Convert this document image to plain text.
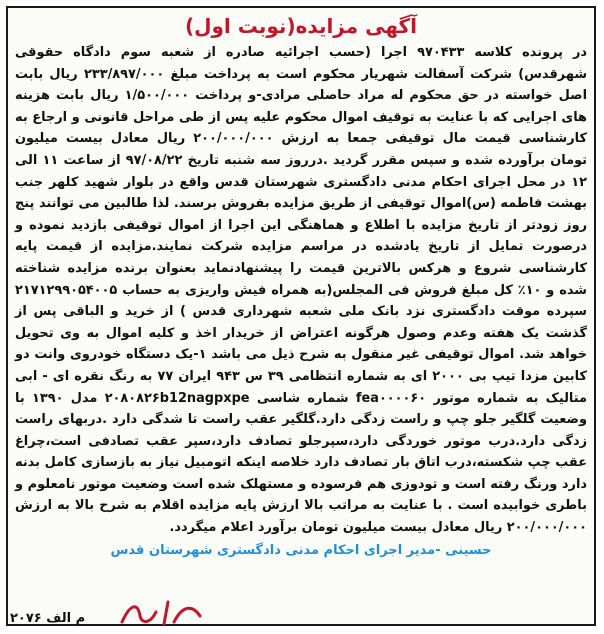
آگهی مزایده(نوبت اول)

در پرونده کلاسه ۹۷۰۴۳۳ اجرا (حسب اجرائیه صادره از شعبه سوم دادگاه حقوقی شهرقدس) شرکت آسفالت شهریار محکوم است به پرداخت مبلغ ۲۳۳/۸۹۷/۰۰۰ ریال بابت اصل خواسته در حق محکوم له مراد حاصلی مرادی-و پرداخت ۱/۵۰۰/۰۰۰ ریال بابت هزینه های اجرایی که با عنایت به توقیف اموال محکوم علیه پس از طی مراحل قانونی و ارجاع به کارشناسی قیمت مال توقیفی جمعا به ارزش ۲۰۰/۰۰۰/۰۰۰ ریال معادل بیست میلیون تومان برآورده شده و سپس مقرر گردید .درروز سه شنبه تاریخ ۹۷/۰۸/۲۲ از ساعت ۱۱ الی ۱۲ در محل اجرای احکام مدنی دادگستری شهرستان قدس واقع در بلوار شهید کلهر جنب بهشت فاطمه (س)اموال توقیفی از طریق مزایده بفروش برسند. لذا طالبین می توانند پنج روز زودتر از تاریخ مزایده با اطلاع و هماهنگی این اجرا از اموال توقیفی بازدید نموده و درصورت تمایل از تاریخ یادشده در مراسم مزایده شرکت نمایند.مزایده از قیمت پایه کارشناسی شروع و هرکس بالاترین قیمت را پیشنهادنماید بعنوان برنده مزایده شناخته شده و ۱۰٪ کل مبلغ فروش فی المجلس(به همراه فیش واریزی به حساب ۲۱۷۱۲۹۹۰۵۴۰۰۵ سپرده موقت دادگستری نزد بانک ملی شعبه شهرداری قدس ) از خرید و الباقی پس از گذشت یک هفته وعدم وصول هرگونه اعتراض از خریدار اخذ و کلیه اموال به وی تحویل خواهد شد. اموال توقیفی غیر منقول به شرح ذیل می باشد ۱-یک دستگاه خودروی وانت دو کابین مزدا تیپ بی ۲۰۰۰ ای به شماره انتظامی ۳۹ س ۹۴۳ ایران ۷۷ به رنگ نقره ای - ابی متالیک به شماره موتور fea۰۰۰۰۶۰ شماره شاسی ۲۰۸۰۸۲۶b12nagpxpe مدل ۱۳۹۰ با وضعیت گلگیر جلو چپ و راست زدگی دارد.گلگیر عقب راست تا شدگی دارد .دربهای راست زدگی دارد.درب موتور خوردگی دارد،سپرجلو تصادف دارد،سپر عقب تصادفی است،چراغ عقب چپ شکسته،درب اتاق بار تصادف دارد خلاصه اینکه اتومبیل نیاز به بازسازی کامل بدنه دارد ورنگ رفته است و تودوزی هم فرسوده و مستهلک شده است وضعیت موتور نامعلوم و باطری خوابیده است . با عنایت به مراتب بالا ارزش پایه مزایده اقلام به شرح بالا به ارزش ۲۰۰/۰۰۰/۰۰۰ ریال معادل بیست میلیون تومان برآورد اعلام میگردد.

حسینی -مدیر اجرای احکام مدنی دادگستری شهرستان قدس
م الف ۲۰۷۶
